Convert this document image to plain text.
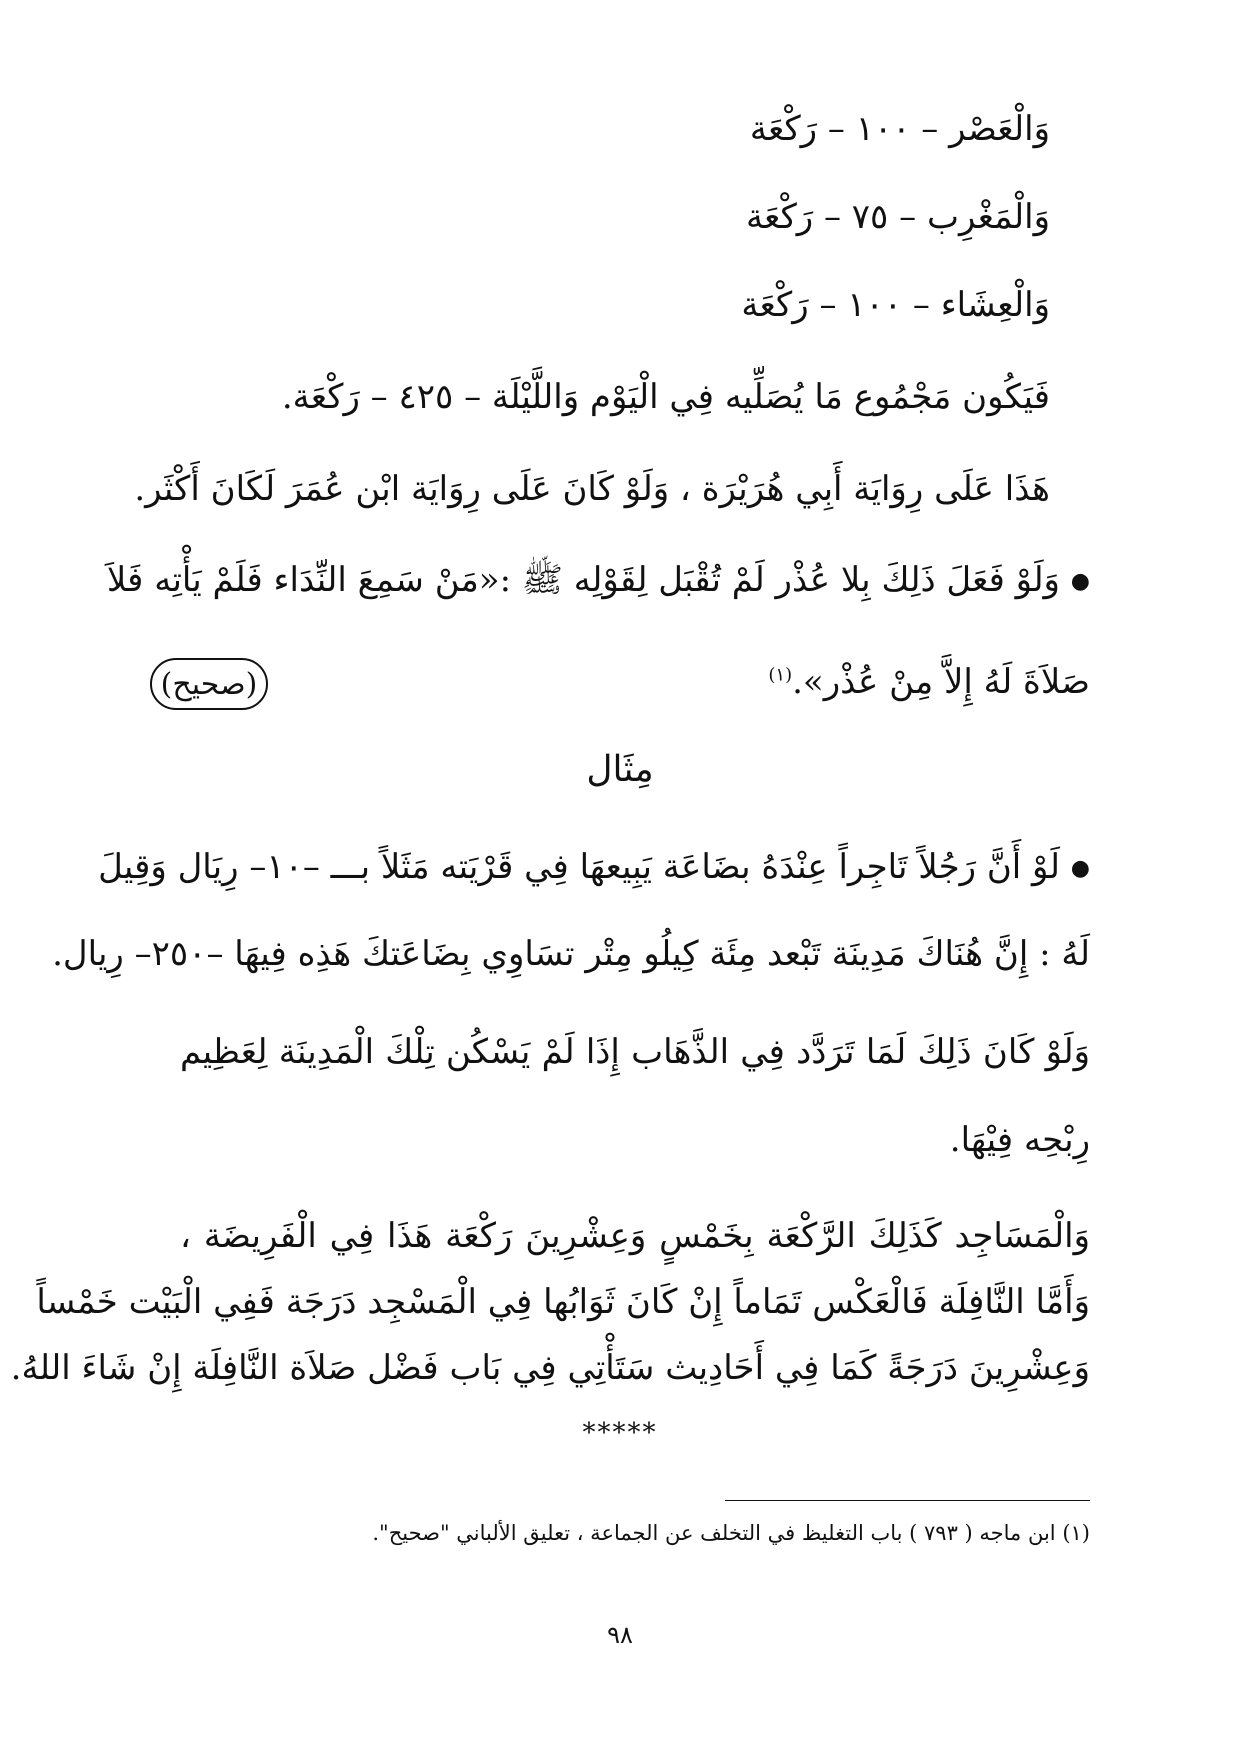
وَالْعَصْر – ١٠٠ – رَكْعَة
وَالْمَغْرِب – ٧٥ – رَكْعَة
وَالْعِشَاء – ١٠٠ – رَكْعَة
فَيَكُون مَجْمُوع مَا يُصَلِّيه فِي الْيَوْم وَاللَّيْلَة – ٤٢٥ – رَكْعَة.
هَذَا عَلَى رِوَايَة أَبِي هُرَيْرَة ، وَلَوْ كَانَ عَلَى رِوَايَة ابْن عُمَرَ لَكَانَ أَكْثَر.
● وَلَوْ فَعَلَ ذَلِكَ بِلا عُذْر لَمْ تُقْبَل لِقَوْلِه ﷺ :«مَنْ سَمِعَ النِّدَاء فَلَمْ يَأْتِه فَلاَ
صَلاَةَ لَهُ إِلاَّ مِنْ عُذْر».$^{(١)}$
(صحيح)
مِثَال
● لَوْ أَنَّ رَجُلاً تَاجِراً عِنْدَهُ بضَاعَة يَبِيعهَا فِي قَرْيَته مَثَلاً بـــ –١٠– رِيَال وَقِيلَ
لَهُ : إِنَّ هُنَاكَ مَدِينَة تَبْعد مِئَة كِيلُو مِتْر تسَاوِي بِضَاعَتكَ هَذِه فِيهَا –٢٥٠– رِيال.
وَلَوْ كَانَ ذَلِكَ لَمَا تَرَدَّد فِي الذَّهَاب إِذَا لَمْ يَسْكُن تِلْكَ الْمَدِينَة لِعَظِيم
رِبْحِه فِيْهَا.
وَالْمَسَاجِد كَذَلِكَ الرَّكْعَة بِخَمْسٍ وَعِشْرِينَ رَكْعَة هَذَا فِي الْفَرِيضَة ،
وَأَمَّا النَّافِلَة فَالْعَكْس تَمَاماً إِنْ كَانَ ثَوَابُها فِي الْمَسْجِد دَرَجَة فَفِي الْبَيْت خَمْساً
وَعِشْرِينَ دَرَجَةً كَمَا فِي أَحَادِيث سَتَأْتِي فِي بَاب فَضْل صَلاَة النَّافِلَة إِنْ شَاءَ اللهُ.
*****
(١) ابن ماجه ( ٧٩٣ ) باب التغليظ في التخلف عن الجماعة ، تعليق الألباني "صحيح".
٩٨
